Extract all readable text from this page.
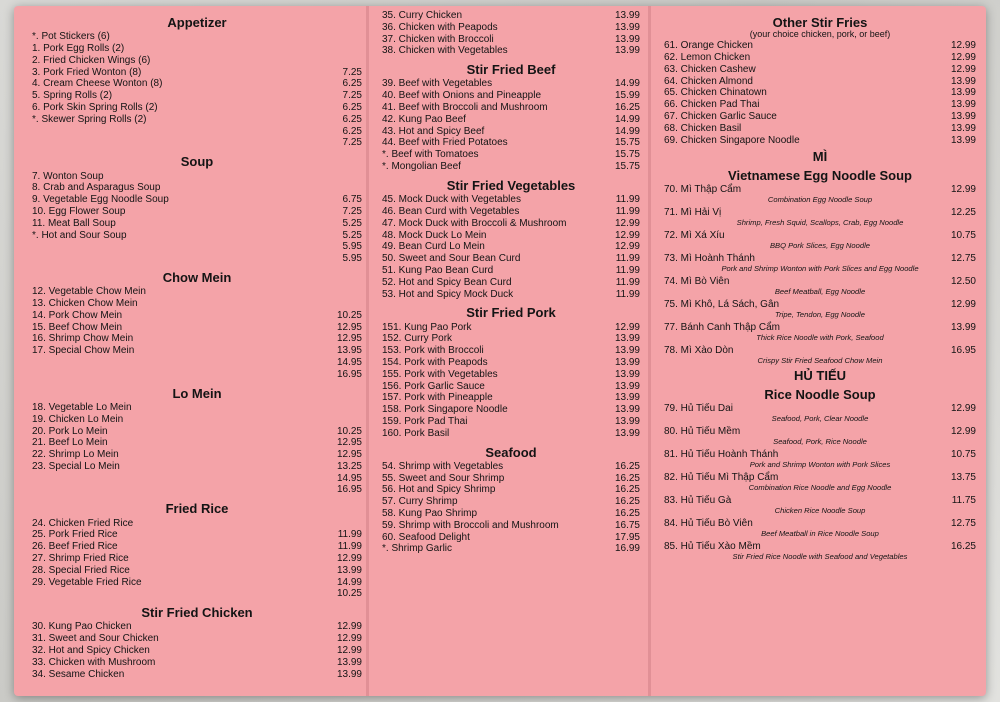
Appetizer
*. Pot Stickers (6)
1. Pork Egg Rolls (2)
2. Fried Chicken Wings (6)
3. Pork Fried Wonton (8)	7.25
4. Cream Cheese Wonton (8)	6.25
5. Spring Rolls (2)	7.25
6. Pork Skin Spring Rolls (2)	6.25
*. Skewer Spring Rolls (2)	6.25
6.25
7.25
Soup
7. Wonton Soup
8. Crab and Asparagus Soup
9. Vegetable Egg Noodle Soup	6.75
10. Egg Flower Soup	7.25
11. Meat Ball Soup	5.25
*. Hot and Sour Soup	5.25
5.95
5.95
Chow Mein
12. Vegetable Chow Mein
13. Chicken Chow Mein
14. Pork Chow Mein	10.25
15. Beef Chow Mein	12.95
16. Shrimp Chow Mein	12.95
17. Special Chow Mein	13.95
14.95
16.95
Lo Mein
18. Vegetable Lo Mein
19. Chicken Lo Mein
20. Pork Lo Mein	10.25
21. Beef Lo Mein	12.95
22. Shrimp Lo Mein	12.95
23. Special Lo Mein	13.25
14.95
16.95
Fried Rice
24. Chicken Fried Rice
25. Pork Fried Rice	11.99
26. Beef Fried Rice	11.99
27. Shrimp Fried Rice	12.99
28. Special Fried Rice	13.99
29. Vegetable Fried Rice	14.99
10.25
Stir Fried Chicken
30. Kung Pao Chicken	12.99
31. Sweet and Sour Chicken	12.99
32. Hot and Spicy Chicken	12.99
33. Chicken with Mushroom	13.99
34. Sesame Chicken	13.99
35. Curry Chicken	13.99
36. Chicken with Peapods	13.99
37. Chicken with Broccoli	13.99
38. Chicken with Vegetables	13.99
Stir Fried Beef
39. Beef with Vegetables	14.99
40. Beef with Onions and Pineapple	15.99
41. Beef with Broccoli and Mushroom	16.25
42. Kung Pao Beef	14.99
43. Hot and Spicy Beef	14.99
44. Beef with Fried Potatoes	15.75
*. Beef with Tomatoes	15.75
*. Mongolian Beef	15.75
Stir Fried Vegetables
45. Mock Duck with Vegetables	11.99
46. Bean Curd with Vegetables	11.99
47. Mock Duck with Broccoli & Mushroom	12.99
48. Mock Duck Lo Mein	12.99
49. Bean Curd Lo Mein	12.99
50. Sweet and Sour Bean Curd	11.99
51. Kung Pao Bean Curd	11.99
52. Hot and Spicy Bean Curd	11.99
53. Hot and Spicy Mock Duck	11.99
Stir Fried Pork
151. Kung Pao Pork	12.99
152. Curry Pork	13.99
153. Pork with Broccoli	13.99
154. Pork with Peapods	13.99
155. Pork with Vegetables	13.99
156. Pork Garlic Sauce	13.99
157. Pork with Pineapple	13.99
158. Pork Singapore Noodle	13.99
159. Pork Pad Thai	13.99
160. Pork Basil	13.99
Seafood
54. Shrimp with Vegetables	16.25
55. Sweet and Sour Shrimp	16.25
56. Hot and Spicy Shrimp	16.25
57. Curry Shrimp	16.25
58. Kung Pao Shrimp	16.25
59. Shrimp with Broccoli and Mushroom	16.75
60. Seafood Delight	17.95
*. Shrimp Garlic	16.99
Other Stir Fries
(your choice chicken, pork, or beef)
61. Orange Chicken	12.99
62. Lemon Chicken	12.99
63. Chicken Cashew	12.99
64. Chicken Almond	13.99
65. Chicken Chinatown	13.99
66. Chicken Pad Thai	13.99
67. Chicken Garlic Sauce	13.99
68. Chicken Basil	13.99
69. Chicken Singapore Noodle	13.99
MÌ
Vietnamese Egg Noodle Soup
70. Mì Thập Cẩm	12.99
Combination Egg Noodle Soup
71. Mì Hải Vị	12.25
Shrimp, Fresh Squid, Scallops, Crab, Egg Noodle
72. Mì Xá Xíu	10.75
BBQ Pork Slices, Egg Noodle
73. Mì Hoành Thánh	12.75
Pork and Shrimp Wonton with Pork Slices and Egg Noodle
74. Mì Bò Viên	12.50
Beef Meatball, Egg Noodle
75. Mì Khô, Lá Sách, Gân	12.99
Tripe, Tendon, Egg Noodle
77. Bánh Canh Thập Cẩm	13.99
Thick Rice Noodle with Pork, Seafood
78. Mì Xào Dòn	16.95
Crispy Stir Fried Seafood Chow Mein
HỦ TIẾU
Rice Noodle Soup
79. Hủ Tiếu Dai	12.99
Seafood, Pork, Clear Noodle
80. Hủ Tiếu Mềm	12.99
Seafood, Pork, Rice Noodle
81. Hủ Tiếu Hoành Thánh	10.75
Pork and Shrimp Wonton with Pork Slices
82. Hủ Tiếu Mì Thập Cẩm	13.75
Combination Rice Noodle and Egg Noodle
83. Hủ Tiếu Gà	11.75
Chicken Rice Noodle Soup
84. Hủ Tiếu Bò Viên	12.75
Beef Meatball in Rice Noodle Soup
85. Hủ Tiếu Xào Mềm	16.25
Stir Fried Rice Noodle with Seafood and Vegetables
